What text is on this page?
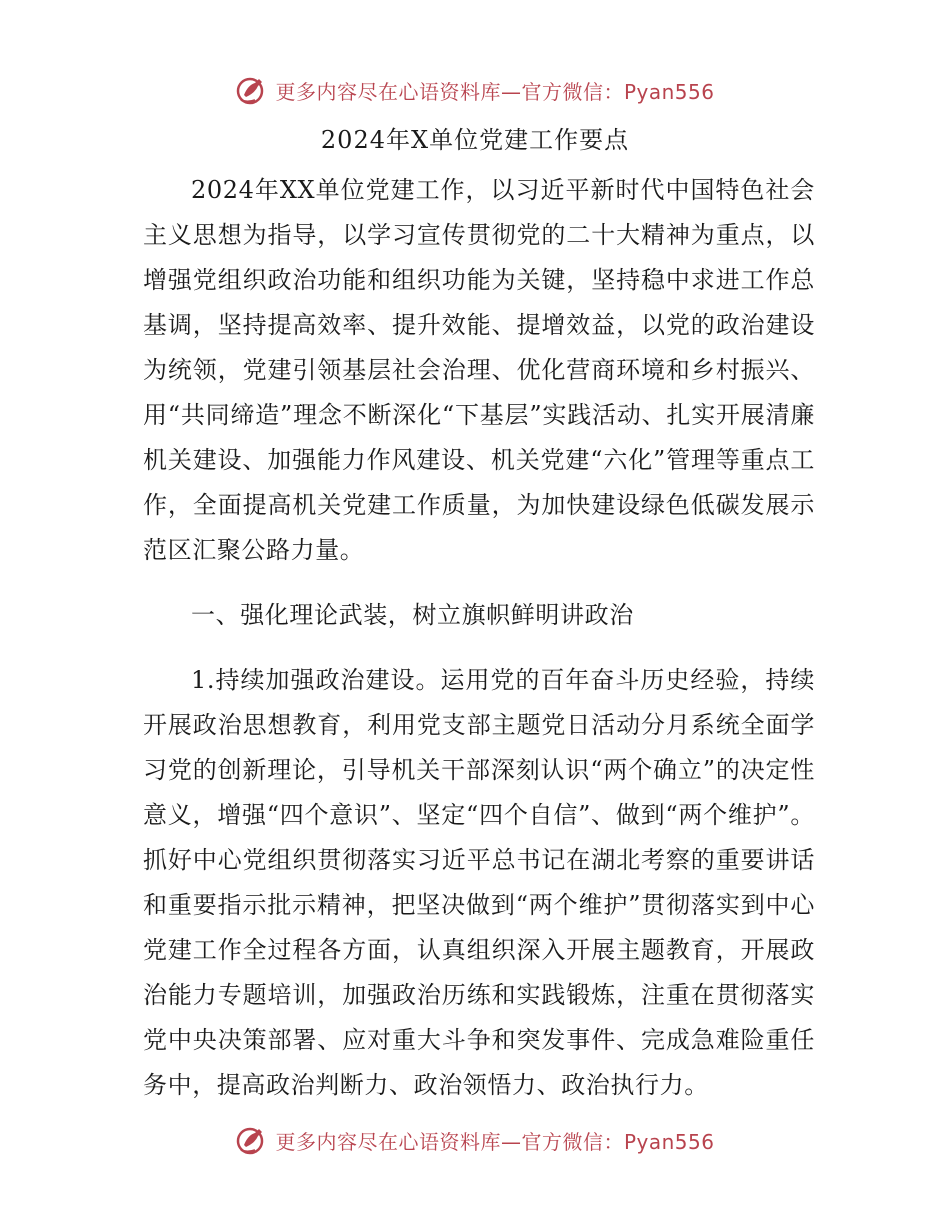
更多内容尽在心语资料库—官方微信：Pyan556
2024年X单位党建工作要点

2024年XX单位党建工作，以习近平新时代中国特色社会主义思想为指导，以学习宣传贯彻党的二十大精神为重点，以增强党组织政治功能和组织功能为关键，坚持稳中求进工作总基调，坚持提高效率、提升效能、提增效益，以党的政治建设为统领，党建引领基层社会治理、优化营商环境和乡村振兴、用“共同缔造”理念不断深化“下基层”实践活动、扎实开展清廉机关建设、加强能力作风建设、机关党建“六化”管理等重点工作，全面提高机关党建工作质量，为加快建设绿色低碳发展示范区汇聚公路力量。

一、强化理论武装，树立旗帜鲜明讲政治

1.持续加强政治建设。运用党的百年奋斗历史经验，持续开展政治思想教育，利用党支部主题党日活动分月系统全面学习党的创新理论，引导机关干部深刻认识“两个确立”的决定性意义，增强“四个意识”、坚定“四个自信”、做到“两个维护”。抓好中心党组织贯彻落实习近平总书记在湖北考察的重要讲话和重要指示批示精神，把坚决做到“两个维护”贯彻落实到中心党建工作全过程各方面，认真组织深入开展主题教育，开展政治能力专题培训，加强政治历练和实践锻炼，注重在贯彻落实党中央决策部署、应对重大斗争和突发事件、完成急难险重任务中，提高政治判断力、政治领悟力、政治执行力。

更多内容尽在心语资料库—官方微信：Pyan556
